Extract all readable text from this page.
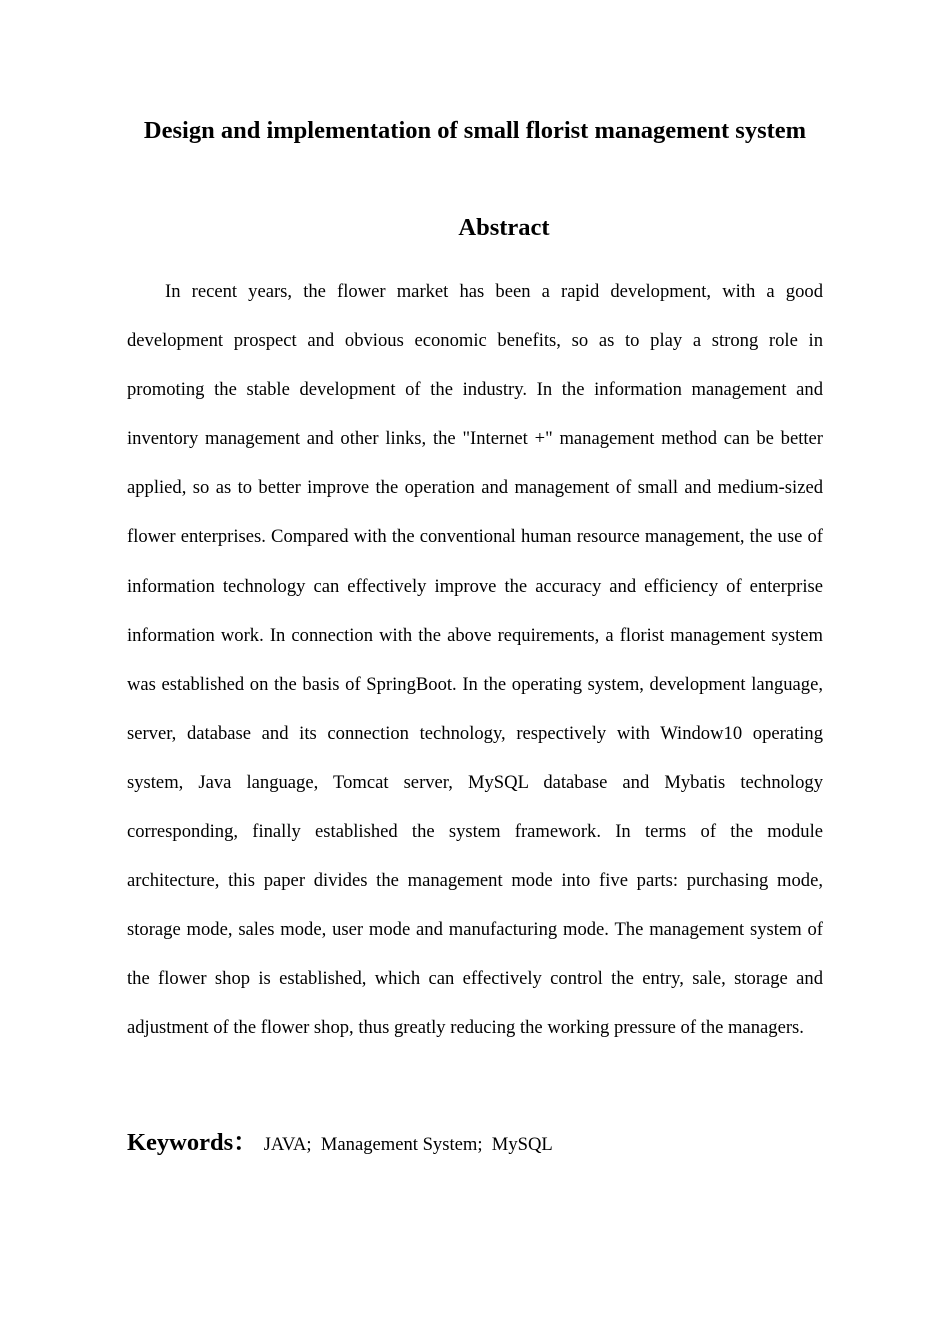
Design and implementation of small florist management system
Abstract

In recent years, the flower market has been a rapid development, with a good development prospect and obvious economic benefits, so as to play a strong role in promoting the stable development of the industry. In the information management and inventory management and other links, the "Internet +" management method can be better applied, so as to better improve the operation and management of small and medium-sized flower enterprises. Compared with the conventional human resource management, the use of information technology can effectively improve the accuracy and efficiency of enterprise information work. In connection with the above requirements, a florist management system was established on the basis of SpringBoot. In the operating system, development language, server, database and its connection technology, respectively with Window10 operating system, Java language, Tomcat server, MySQL database and Mybatis technology corresponding, finally established the system framework. In terms of the module architecture, this paper divides the management mode into five parts: purchasing mode, storage mode, sales mode, user mode and manufacturing mode. The management system of the flower shop is established, which can effectively control the entry, sale, storage and adjustment of the flower shop, thus greatly reducing the working pressure of the managers.

Keywords： JAVA;  Management System;  MySQL
